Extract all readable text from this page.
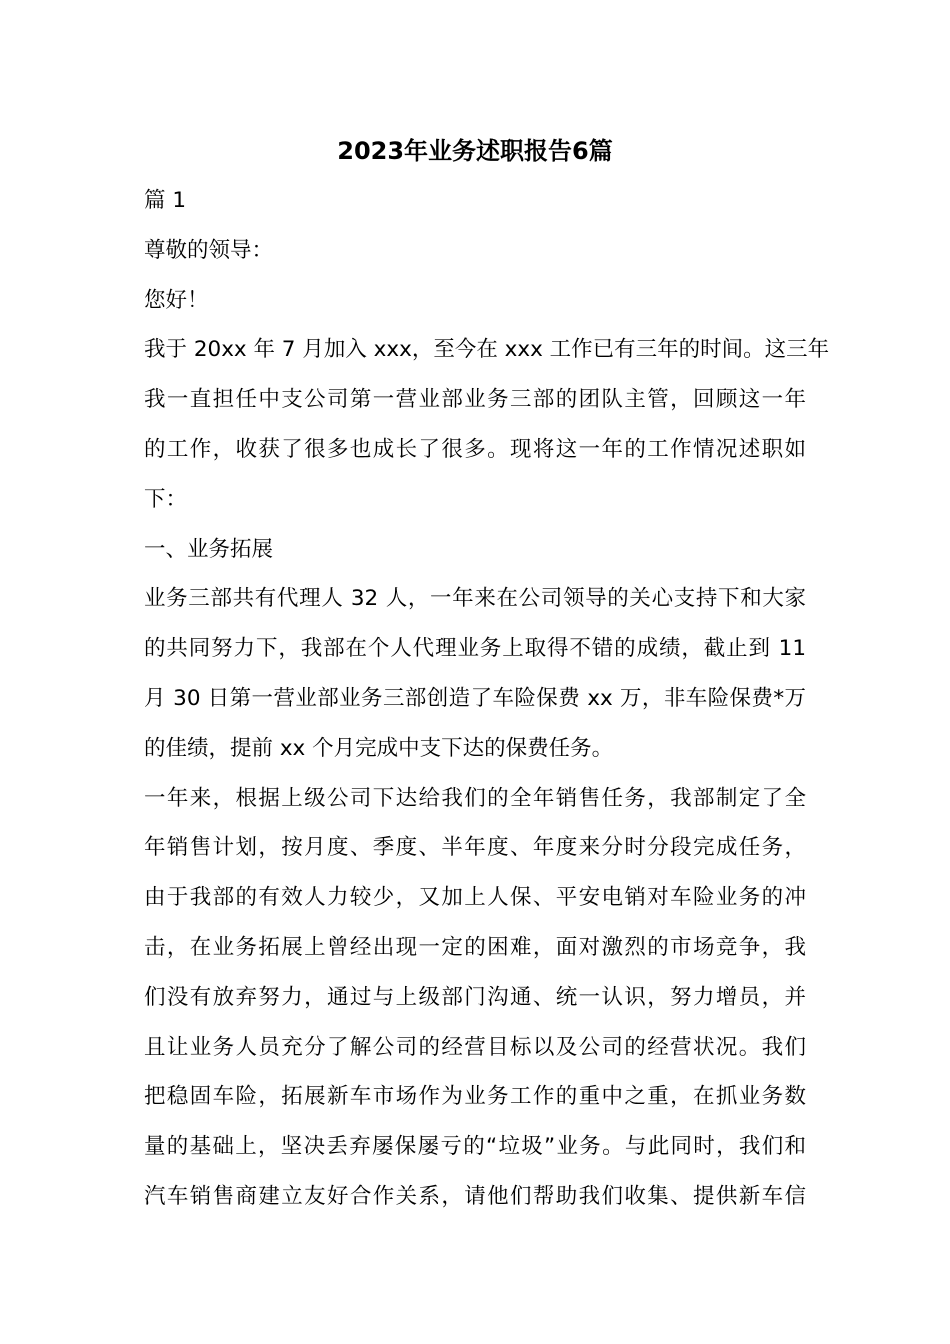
2023年业务述职报告6篇
篇 1
尊敬的领导：
您好！
我于 20xx 年 7 月加入 xxx，至今在 xxx 工作已有三年的时间。这三年
我一直担任中支公司第一营业部业务三部的团队主管，回顾这一年
的工作，收获了很多也成长了很多。现将这一年的工作情况述职如
下：
一、业务拓展
业务三部共有代理人 32 人，一年来在公司领导的关心支持下和大家
的共同努力下，我部在个人代理业务上取得不错的成绩，截止到 11
月 30 日第一营业部业务三部创造了车险保费 xx 万，非车险保费*万
的佳绩，提前 xx 个月完成中支下达的保费任务。
一年来，根据上级公司下达给我们的全年销售任务，我部制定了全
年销售计划，按月度、季度、半年度、年度来分时分段完成任务，
由于我部的有效人力较少，又加上人保、平安电销对车险业务的冲
击，在业务拓展上曾经出现一定的困难，面对激烈的市场竞争，我
们没有放弃努力，通过与上级部门沟通、统一认识，努力增员，并
且让业务人员充分了解公司的经营目标以及公司的经营状况。我们
把稳固车险，拓展新车市场作为业务工作的重中之重，在抓业务数
量的基础上，坚决丢弃屡保屡亏的“垃圾”业务。与此同时，我们和
汽车销售商建立友好合作关系，请他们帮助我们收集、提供新车信
